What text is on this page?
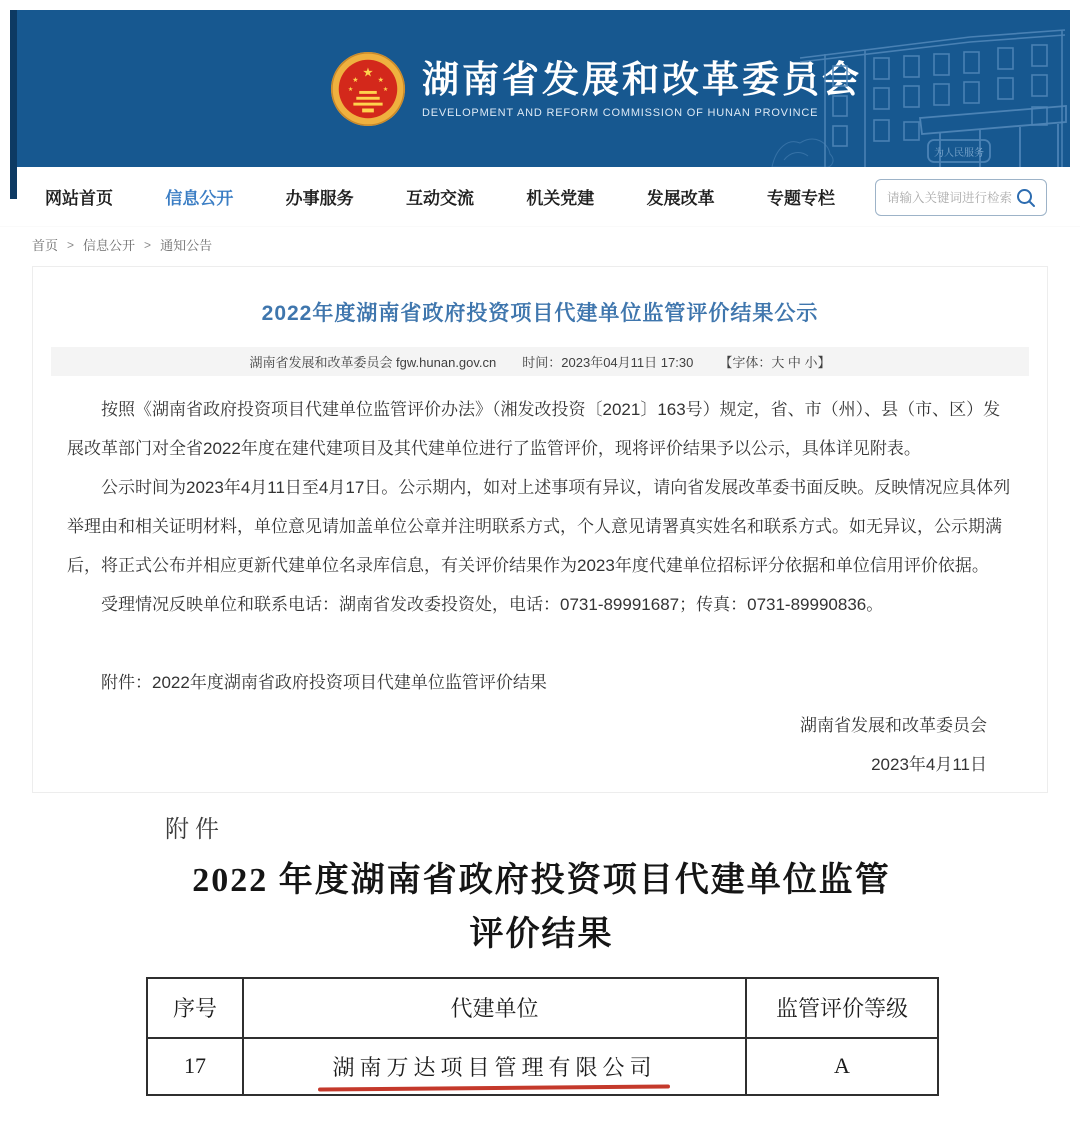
★
★	★
★	★ 湖南省发展和改革委员会
DEVELOPMENT AND REFORM COMMISSION OF HUNAN PROVINCE
为人民服务
网站首页	信息公开	办事服务	互动交流	机关党建	发展改革	专题专栏
请输入关键词进行检索
首页 > 信息公开 > 通知公告
2022年度湖南省政府投资项目代建单位监管评价结果公示
湖南省发展和改革委员会 fgw.hunan.gov.cn 时间：2023年04月11日 17:30 【字体：大 中 小】

按照《湖南省政府投资项目代建单位监管评价办法》（湘发改投资〔2021〕163号）规定，省、市（州）、县（市、区）发展改革部门对全省2022年度在建代建项目及其代建单位进行了监管评价，现将评价结果予以公示，具体详见附表。

公示时间为2023年4月11日至4月17日。公示期内，如对上述事项有异议，请向省发展改革委书面反映。反映情况应具体列举理由和相关证明材料，单位意见请加盖单位公章并注明联系方式，个人意见请署真实姓名和联系方式。如无异议，公示期满后，将正式公布并相应更新代建单位名录库信息，有关评价结果作为2023年度代建单位招标评分依据和单位信用评价依据。

受理情况反映单位和联系电话：湖南省发改委投资处，电话：0731-89991687；传真：0731-89990836。

附件：2022年度湖南省政府投资项目代建单位监管评价结果

湖南省发展和改革委员会

2023年4月11日

附件
2022 年度湖南省政府投资项目代建单位监管
评价结果
序号	代建单位	监管评价等级
17	湖南万达项目管理有限公司	A
